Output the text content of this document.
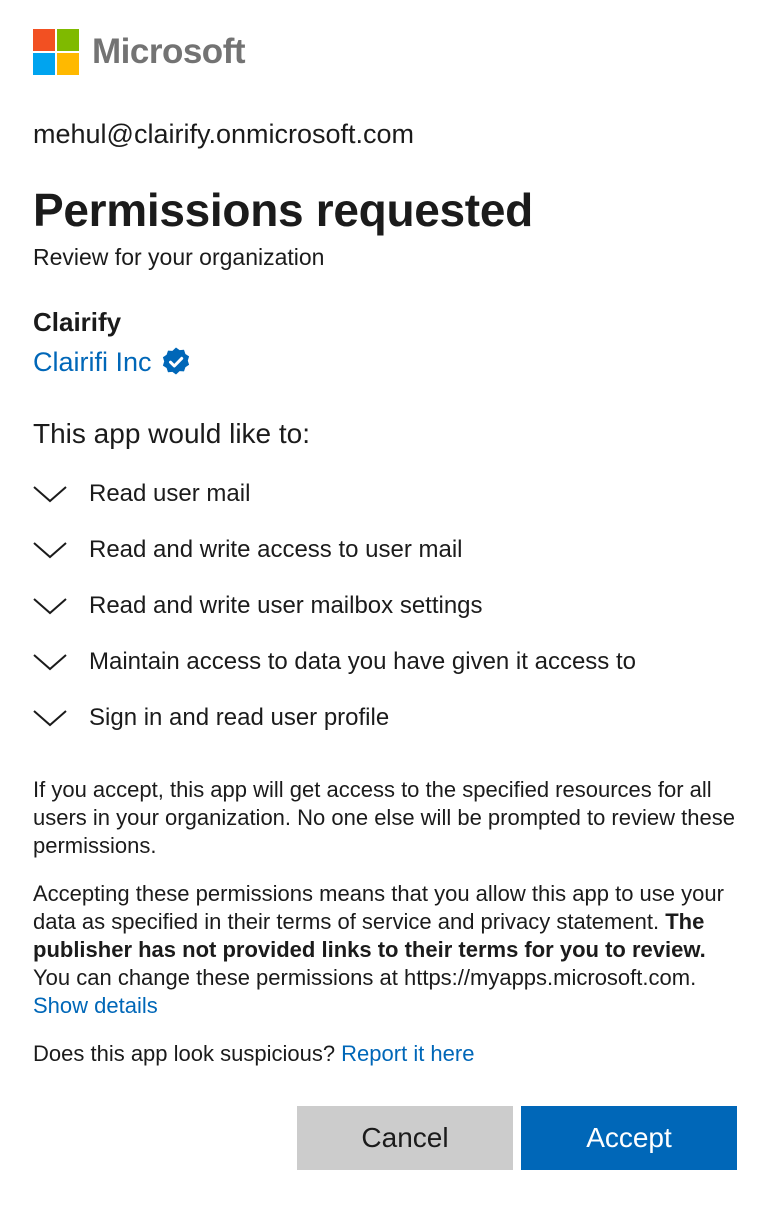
Microsoft
mehul@clairify.onmicrosoft.com
Permissions requested
Review for your organization
Clairify
Clairifi Inc
This app would like to:
Read user mail
Read and write access to user mail
Read and write user mailbox settings
Maintain access to data you have given it access to
Sign in and read user profile

If you accept, this app will get access to the specified resources for all users in your organization. No one else will be prompted to review these permissions.

Accepting these permissions means that you allow this app to use your data as specified in their terms of service and privacy statement. The publisher has not provided links to their terms for you to review. You can change these permissions at https://myapps.microsoft.com. Show details

Does this app look suspicious? Report it here

Cancel	Accept
